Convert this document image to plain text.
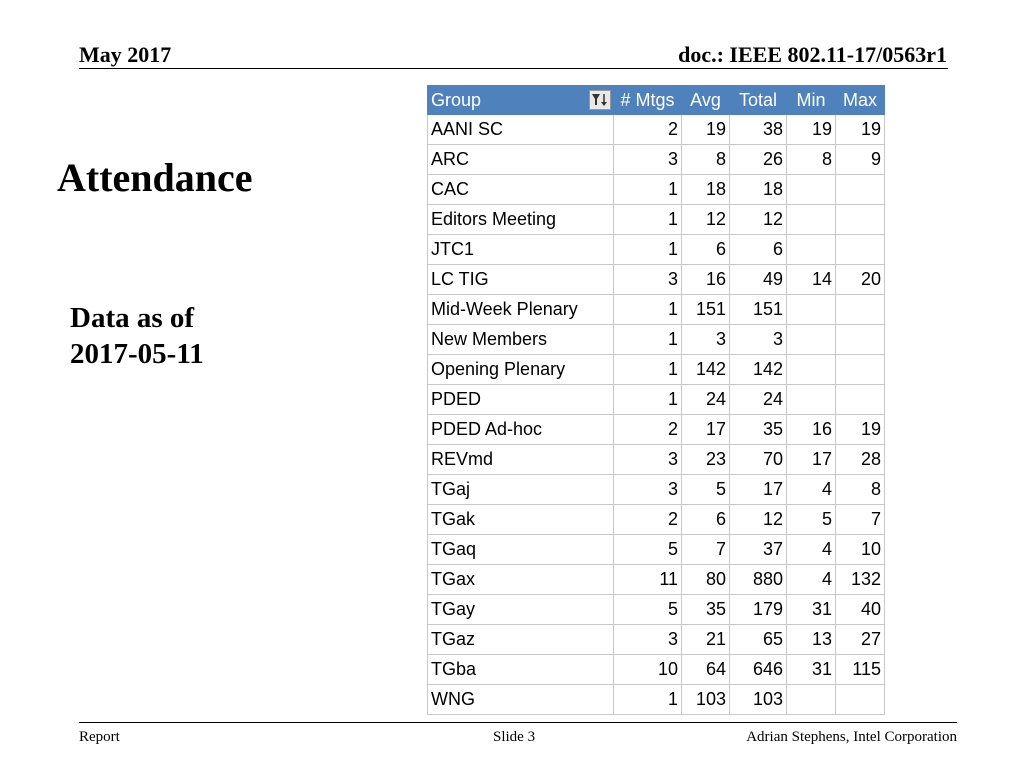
May 2017	doc.: IEEE 802.11-17/0563r1
Attendance
Data as of
2017-05-11
Group	# Mtgs	Avg	Total	Min	Max
AANI SC	2	19	38	19	19
ARC	3	8	26	8	9
CAC	1	18	18		
Editors Meeting	1	12	12		
JTC1	1	6	6		
LC TIG	3	16	49	14	20
Mid-Week Plenary	1	151	151		
New Members	1	3	3		
Opening Plenary	1	142	142		
PDED	1	24	24		
PDED Ad-hoc	2	17	35	16	19
REVmd	3	23	70	17	28
TGaj	3	5	17	4	8
TGak	2	6	12	5	7
TGaq	5	7	37	4	10
TGax	11	80	880	4	132
TGay	5	35	179	31	40
TGaz	3	21	65	13	27
TGba	10	64	646	31	115
WNG	1	103	103		
Report	Slide 3	Adrian Stephens, Intel Corporation
